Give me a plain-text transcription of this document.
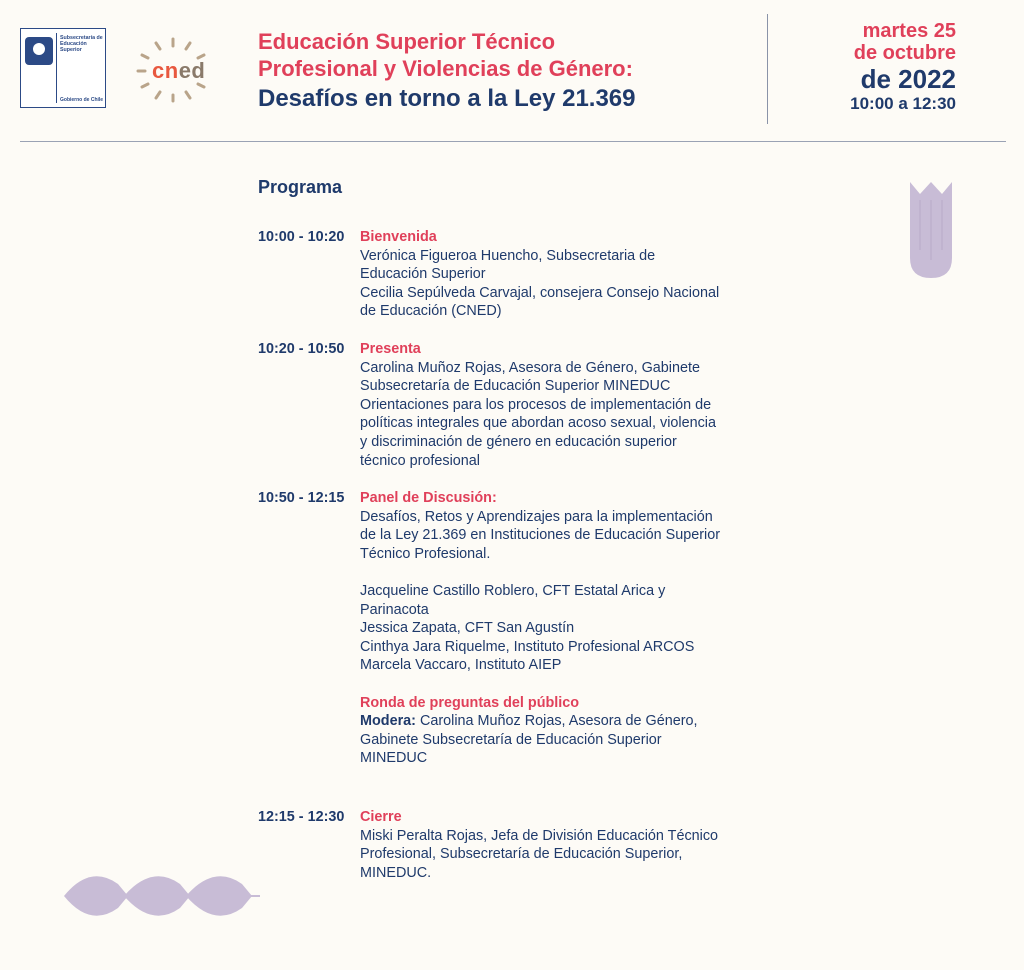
Subsecretaría de Educación Superior
Gobierno de Chile
cned
Educación Superior Técnico
Profesional y Violencias de Género:
Desafíos en torno a la Ley 21.369
martes 25
de octubre
de 2022
10:00 a 12:30
Programa
10:00 - 10:20	Bienvenida
Verónica Figueroa Huencho, Subsecretaria de
Educación Superior
Cecilia Sepúlveda Carvajal, consejera Consejo Nacional
de Educación (CNED)
10:20 - 10:50	Presenta
Carolina Muñoz Rojas, Asesora de Género, Gabinete
Subsecretaría de Educación Superior MINEDUC
Orientaciones para los procesos de implementación de
políticas integrales que abordan acoso sexual, violencia
y discriminación de género en educación superior
técnico profesional
10:50 - 12:15	Panel de Discusión:
Desafíos, Retos y Aprendizajes para la implementación
de la Ley 21.369 en Instituciones de Educación Superior
Técnico Profesional.
Jacqueline Castillo Roblero, CFT Estatal Arica y
Parinacota
Jessica Zapata, CFT San Agustín
Cinthya Jara Riquelme, Instituto Profesional ARCOS
Marcela Vaccaro, Instituto AIEP
Ronda de preguntas del público
Modera: Carolina Muñoz Rojas, Asesora de Género,
Gabinete Subsecretaría de Educación Superior
MINEDUC
12:15 - 12:30	Cierre
Miski Peralta Rojas, Jefa de División Educación Técnico
Profesional, Subsecretaría de Educación Superior,
MINEDUC.
